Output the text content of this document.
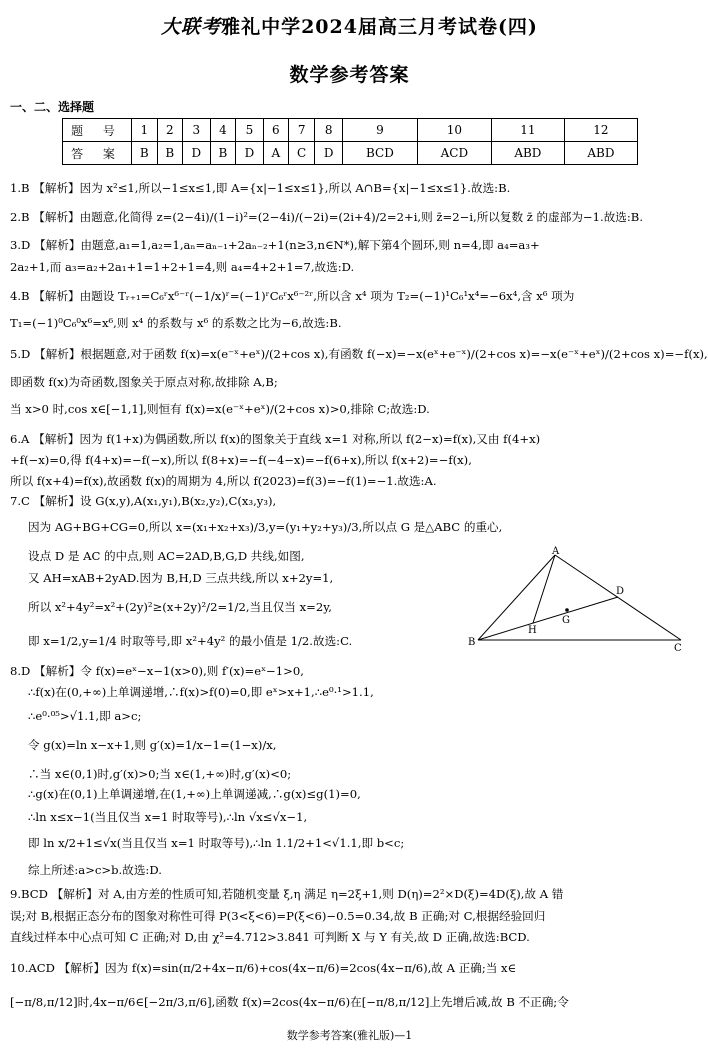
大联考雅礼中学2024届高三月考试卷(四)
数学参考答案
一、二、选择题
题 号	1	2	3	4	5	6	7	8	9	10	11	12
答 案	B	B	D	B	D	A	C	D	BCD	ACD	ABD	ABD
1.B 【解析】因为 x²≤1,所以−1≤x≤1,即 A={x|−1≤x≤1},所以 A∩B={x|−1≤x≤1}.故选:B.
2.B 【解析】由题意,化简得 z=(2−4i)/(1−i)²=(2−4i)/(−2i)=(2i+4)/2=2+i,则 z̄=2−i,所以复数 z̄ 的虚部为−1.故选:B.
3.D 【解析】由题意,a₁=1,a₂=1,aₙ=aₙ₋₁+2aₙ₋₂+1(n≥3,n∈N*),解下第4个圆环,则 n=4,即 a₄=a₃+
2a₂+1,而 a₃=a₂+2a₁+1=1+2+1=4,则 a₄=4+2+1=7,故选:D.
4.B 【解析】由题设 Tᵣ₊₁=C₆ʳx⁶⁻ʳ(−1/x)ʳ=(−1)ʳC₆ʳx⁶⁻²ʳ,所以含 x⁴ 项为 T₂=(−1)¹C₆¹x⁴=−6x⁴,含 x⁶ 项为
T₁=(−1)⁰C₆⁰x⁶=x⁶,则 x⁴ 的系数与 x⁶ 的系数之比为−6,故选:B.
5.D 【解析】根据题意,对于函数 f(x)=x(e⁻ˣ+eˣ)/(2+cos x),有函数 f(−x)=−x(eˣ+e⁻ˣ)/(2+cos x)=−x(e⁻ˣ+eˣ)/(2+cos x)=−f(x),
即函数 f(x)为奇函数,图象关于原点对称,故排除 A,B;
当 x>0 时,cos x∈[−1,1],则恒有 f(x)=x(e⁻ˣ+eˣ)/(2+cos x)>0,排除 C;故选:D.
6.A 【解析】因为 f(1+x)为偶函数,所以 f(x)的图象关于直线 x=1 对称,所以 f(2−x)=f(x),又由 f(4+x)
+f(−x)=0,得 f(4+x)=−f(−x),所以 f(8+x)=−f(−4−x)=−f(6+x),所以 f(x+2)=−f(x),
所以 f(x+4)=f(x),故函数 f(x)的周期为 4,所以 f(2023)=f(3)=−f(1)=−1.故选:A.
7.C 【解析】设 G(x,y),A(x₁,y₁),B(x₂,y₂),C(x₃,y₃),
因为 AG+BG+CG=0,所以 x=(x₁+x₂+x₃)/3,y=(y₁+y₂+y₃)/3,所以点 G 是△ABC 的重心,
设点 D 是 AC 的中点,则 AC=2AD,B,G,D 共线,如图,
又 AH=xAB+2yAD.因为 B,H,D 三点共线,所以 x+2y=1,
所以 x²+4y²=x²+(2y)²≥(x+2y)²/2=1/2,当且仅当 x=2y,
即 x=1/2,y=1/4 时取等号,即 x²+4y² 的最小值是 1/2.故选:C.
8.D 【解析】令 f(x)=eˣ−x−1(x>0),则 f′(x)=eˣ−1>0,
∴f(x)在(0,+∞)上单调递增,∴f(x)>f(0)=0,即 eˣ>x+1,∴e⁰·¹>1.1,
∴e⁰·⁰⁵>√1.1,即 a>c;
令 g(x)=ln x−x+1,则 g′(x)=1/x−1=(1−x)/x,
∴当 x∈(0,1)时,g′(x)>0;当 x∈(1,+∞)时,g′(x)<0;
∴g(x)在(0,1)上单调递增,在(1,+∞)上单调递减,∴g(x)≤g(1)=0,
∴ln x≤x−1(当且仅当 x=1 时取等号),∴ln √x≤√x−1,
即 ln x/2+1≤√x(当且仅当 x=1 时取等号),∴ln 1.1/2+1<√1.1,即 b<c;
综上所述:a>c>b.故选:D.
9.BCD 【解析】对 A,由方差的性质可知,若随机变量 ξ,η 满足 η=2ξ+1,则 D(η)=2²×D(ξ)=4D(ξ),故 A 错
误;对 B,根据正态分布的图象对称性可得 P(3<ξ<6)=P(ξ<6)−0.5=0.34,故 B 正确;对 C,根据经验回归
直线过样本中心点可知 C 正确;对 D,由 χ²=4.712>3.841 可判断 X 与 Y 有关,故 D 正确,故选:BCD.
10.ACD 【解析】因为 f(x)=sin(π/2+4x−π/6)+cos(4x−π/6)=2cos(4x−π/6),故 A 正确;当 x∈
[−π/8,π/12]时,4x−π/6∈[−2π/3,π/6],函数 f(x)=2cos(4x−π/6)在[−π/8,π/12]上先增后减,故 B 不正确;令
A
B
C
D
G
H
数学参考答案(雅礼版)—1
